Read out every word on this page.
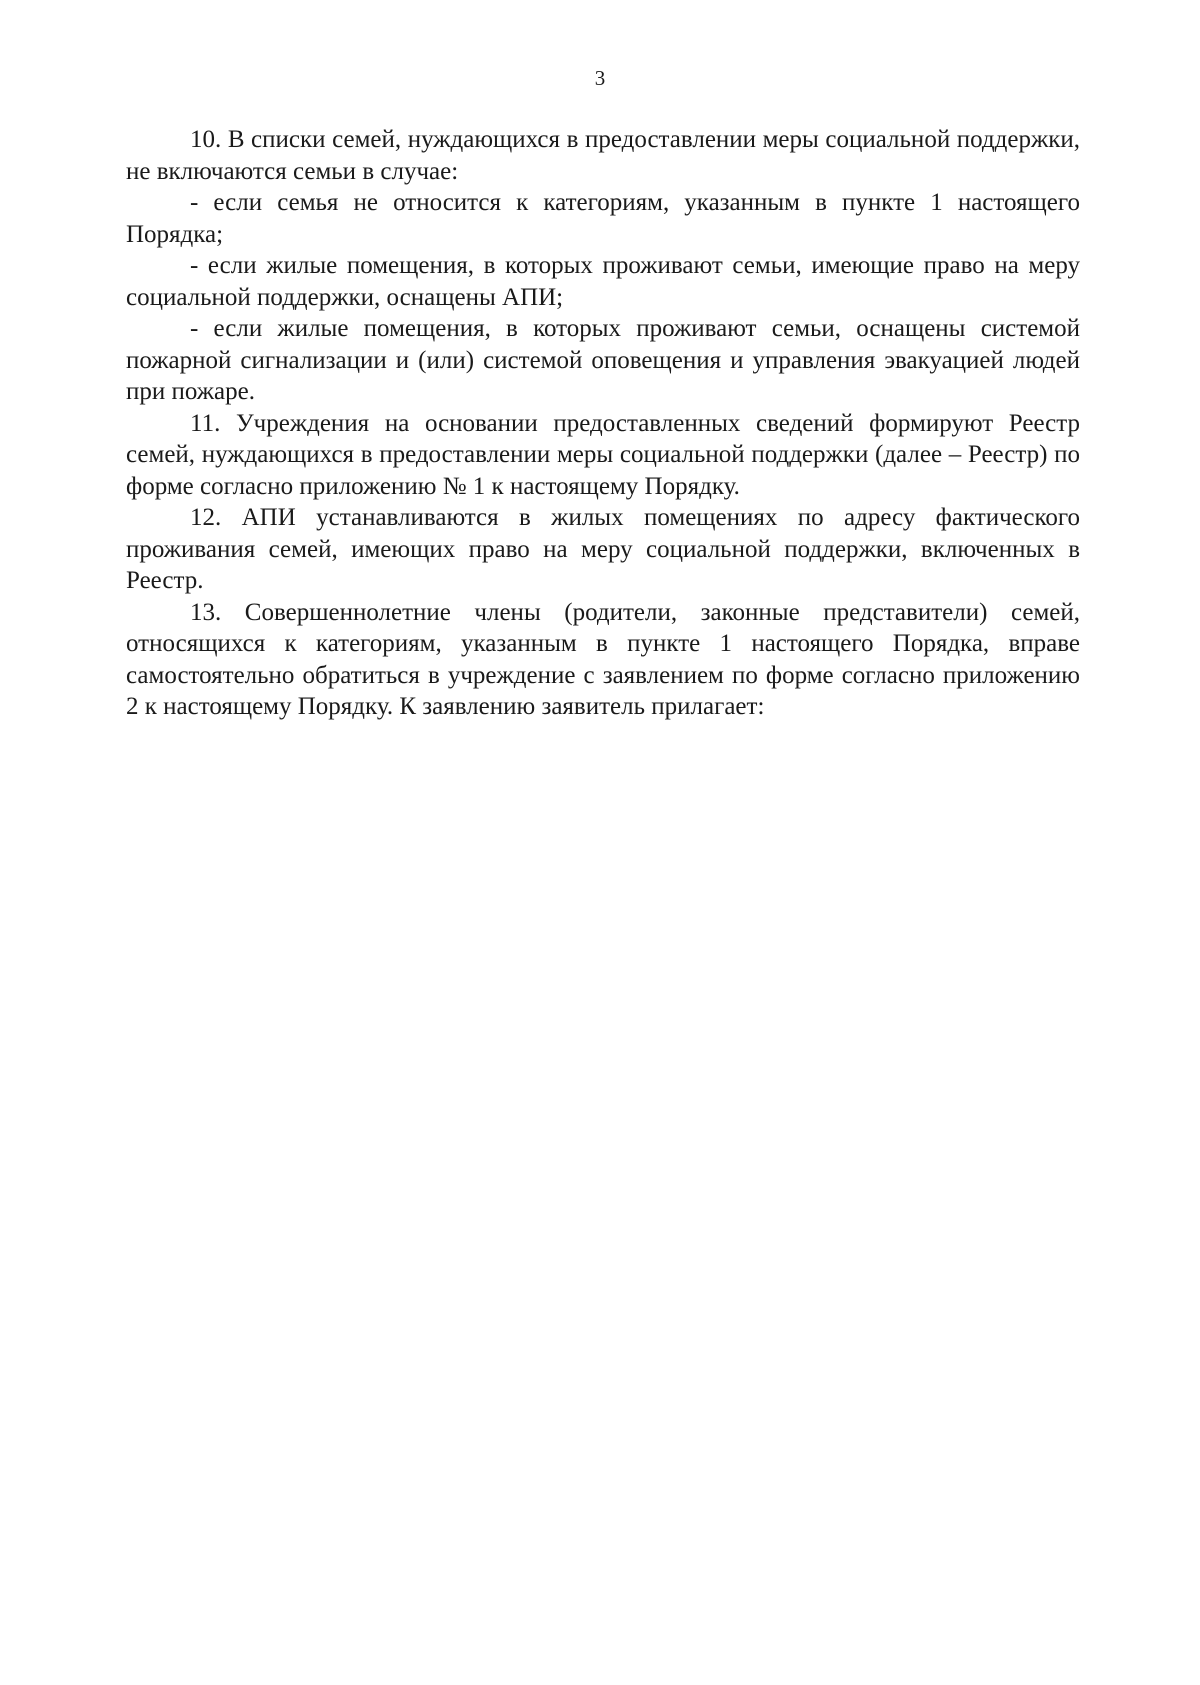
3

10. В списки семей, нуждающихся в предоставлении меры социальной поддержки, не включаются семьи в случае:

- если семья не относится к категориям, указанным в пункте 1 настоящего Порядка;

- если жилые помещения, в которых проживают семьи, имеющие право на меру социальной поддержки, оснащены АПИ;

- если жилые помещения, в которых проживают семьи, оснащены системой пожарной сигнализации и (или) системой оповещения и управления эвакуацией людей при пожаре.

11. Учреждения на основании предоставленных сведений формируют Реестр семей, нуждающихся в предоставлении меры социальной поддержки (далее – Реестр) по форме согласно приложению № 1 к настоящему Порядку.

12. АПИ устанавливаются в жилых помещениях по адресу фактического проживания семей, имеющих право на меру социальной поддержки, включенных в Реестр.

13. Совершеннолетние члены (родители, законные представители) семей, относящихся к категориям, указанным в пункте 1 настоящего Порядка, вправе самостоятельно обратиться в учреждение с заявлением по форме согласно приложению 2 к настоящему Порядку. К заявлению заявитель прилагает:
